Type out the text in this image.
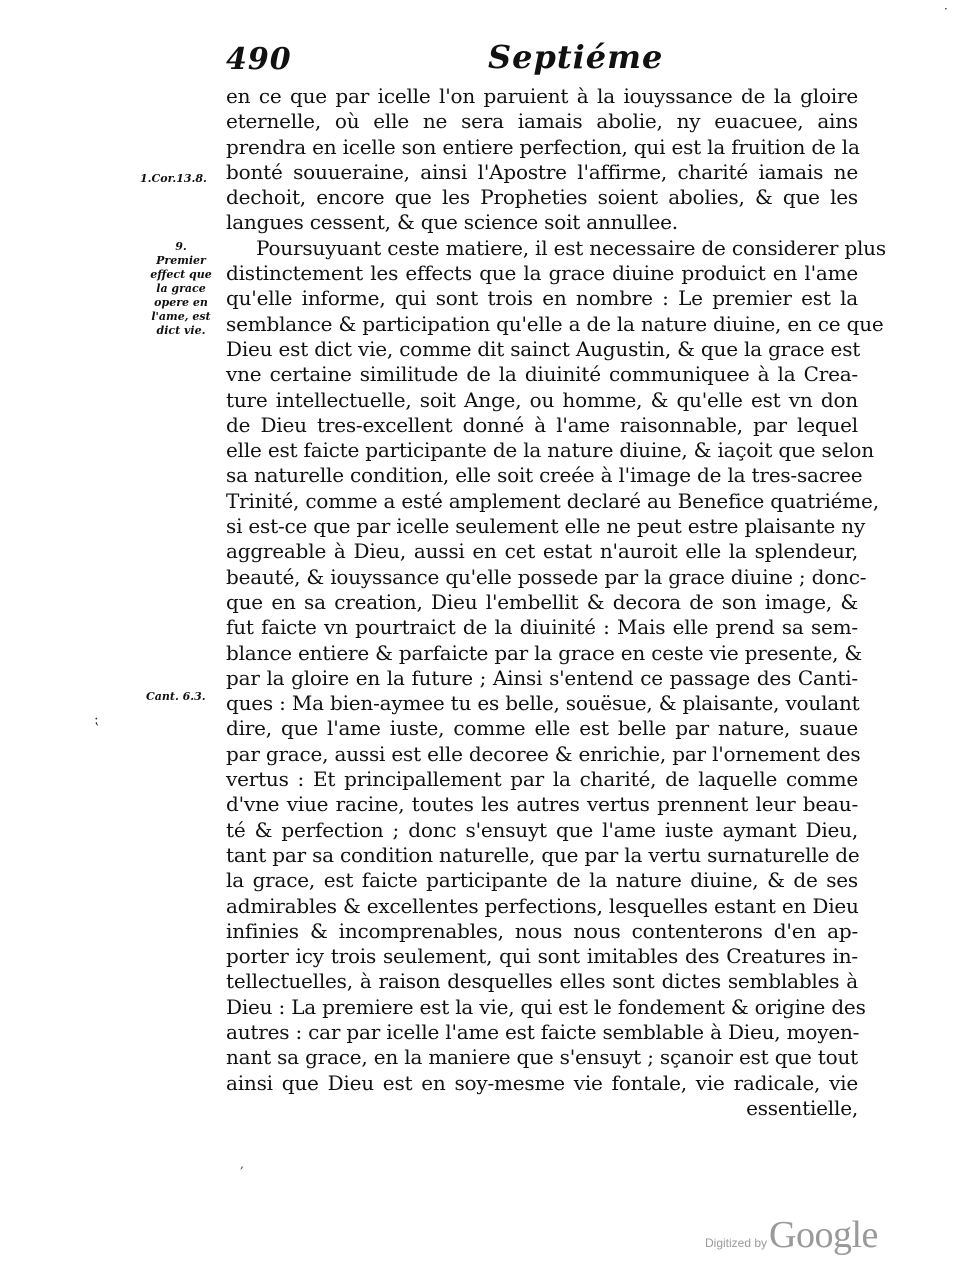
490	Septiéme
1.Cor.13.8.
9.
Premier
effect que
la grace
opere en
l'ame, est
dict vie.
Cant. 6.3.
⁏
,
·
en ce que par icelle l'on paruient à la iouyssance de la gloire
eternelle, où elle ne sera iamais abolie, ny euacuee, ains
prendra en icelle son entiere perfection, qui est la fruition de la
bonté souueraine, ainsi l'Apostre l'affirme, charité iamais ne
dechoit, encore que les Propheties soient abolies, & que les
langues cessent, & que science soit annullee.
Poursuyuant ceste matiere, il est necessaire de considerer plus
distinctement les effects que la grace diuine produict en l'ame
qu'elle informe, qui sont trois en nombre : Le premier est la
semblance & participation qu'elle a de la nature diuine, en ce que
Dieu est dict vie, comme dit sainct Augustin, & que la grace est
vne certaine similitude de la diuinité communiquee à la Crea-
ture intellectuelle, soit Ange, ou homme, & qu'elle est vn don
de Dieu tres-excellent donné à l'ame raisonnable, par lequel
elle est faicte participante de la nature diuine, & iaçoit que selon
sa naturelle condition, elle soit creée à l'image de la tres-sacree
Trinité, comme a esté amplement declaré au Benefice quatriéme,
si est-ce que par icelle seulement elle ne peut estre plaisante ny
aggreable à Dieu, aussi en cet estat n'auroit elle la splendeur,
beauté, & iouyssance qu'elle possede par la grace diuine ; donc-
que en sa creation, Dieu l'embellit & decora de son image, &
fut faicte vn pourtraict de la diuinité : Mais elle prend sa sem-
blance entiere & parfaicte par la grace en ceste vie presente, &
par la gloire en la future ; Ainsi s'entend ce passage des Canti-
ques : Ma bien-aymee tu es belle, souësue, & plaisante, voulant
dire, que l'ame iuste, comme elle est belle par nature, suaue
par grace, aussi est elle decoree & enrichie, par l'ornement des
vertus : Et principallement par la charité, de laquelle comme
d'vne viue racine, toutes les autres vertus prennent leur beau-
té & perfection ; donc s'ensuyt que l'ame iuste aymant Dieu,
tant par sa condition naturelle, que par la vertu surnaturelle de
la grace, est faicte participante de la nature diuine, & de ses
admirables & excellentes perfections, lesquelles estant en Dieu
infinies & incomprenables, nous nous contenterons d'en ap-
porter icy trois seulement, qui sont imitables des Creatures in-
tellectuelles, à raison desquelles elles sont dictes semblables à
Dieu : La premiere est la vie, qui est le fondement & origine des
autres : car par icelle l'ame est faicte semblable à Dieu, moyen-
nant sa grace, en la maniere que s'ensuyt ; sçanoir est que tout
ainsi que Dieu est en soy-mesme vie fontale, vie radicale, vie
essentielle,
Digitized by Google
